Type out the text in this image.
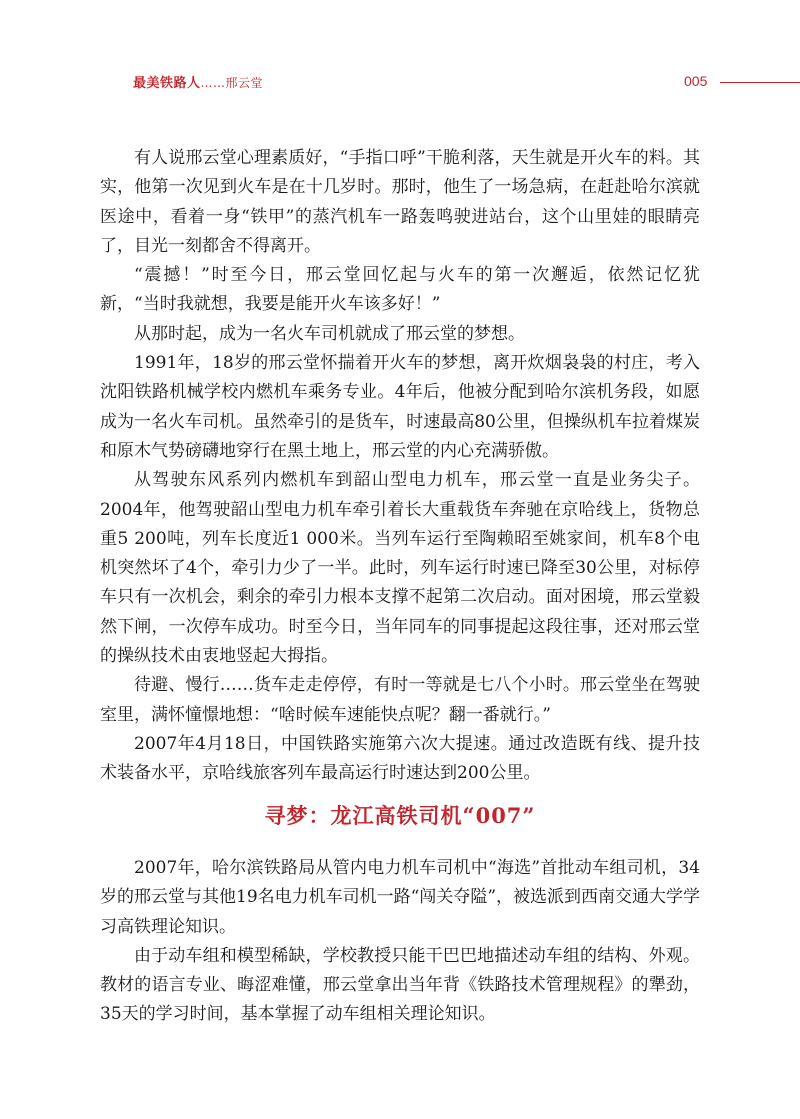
最美铁路人……邢云堂	005

有人说邢云堂心理素质好，“手指口呼”干脆利落，天生就是开火车的料。其实，他第一次见到火车是在十几岁时。那时，他生了一场急病，在赶赴哈尔滨就医途中，看着一身“铁甲”的蒸汽机车一路轰鸣驶进站台，这个山里娃的眼睛亮了，目光一刻都舍不得离开。

“震撼！”时至今日，邢云堂回忆起与火车的第一次邂逅，依然记忆犹新，“当时我就想，我要是能开火车该多好！”

从那时起，成为一名火车司机就成了邢云堂的梦想。

1991年，18岁的邢云堂怀揣着开火车的梦想，离开炊烟袅袅的村庄，考入沈阳铁路机械学校内燃机车乘务专业。4年后，他被分配到哈尔滨机务段，如愿成为一名火车司机。虽然牵引的是货车，时速最高80公里，但操纵机车拉着煤炭和原木气势磅礴地穿行在黑土地上，邢云堂的内心充满骄傲。

从驾驶东风系列内燃机车到韶山型电力机车，邢云堂一直是业务尖子。2004年，他驾驶韶山型电力机车牵引着长大重载货车奔驰在京哈线上，货物总重5 200吨，列车长度近1 000米。当列车运行至陶赖昭至姚家间，机车8个电机突然坏了4个，牵引力少了一半。此时，列车运行时速已降至30公里，对标停车只有一次机会，剩余的牵引力根本支撑不起第二次启动。面对困境，邢云堂毅然下闸，一次停车成功。时至今日，当年同车的同事提起这段往事，还对邢云堂的操纵技术由衷地竖起大拇指。

待避、慢行……货车走走停停，有时一等就是七八个小时。邢云堂坐在驾驶室里，满怀憧憬地想：“啥时候车速能快点呢？翻一番就行。”

2007年4月18日，中国铁路实施第六次大提速。通过改造既有线、提升技术装备水平，京哈线旅客列车最高运行时速达到200公里。

寻梦：龙江高铁司机“007”

2007年，哈尔滨铁路局从管内电力机车司机中“海选”首批动车组司机，34岁的邢云堂与其他19名电力机车司机一路“闯关夺隘”，被选派到西南交通大学学习高铁理论知识。

由于动车组和模型稀缺，学校教授只能干巴巴地描述动车组的结构、外观。教材的语言专业、晦涩难懂，邢云堂拿出当年背《铁路技术管理规程》的犟劲，35天的学习时间，基本掌握了动车组相关理论知识。
